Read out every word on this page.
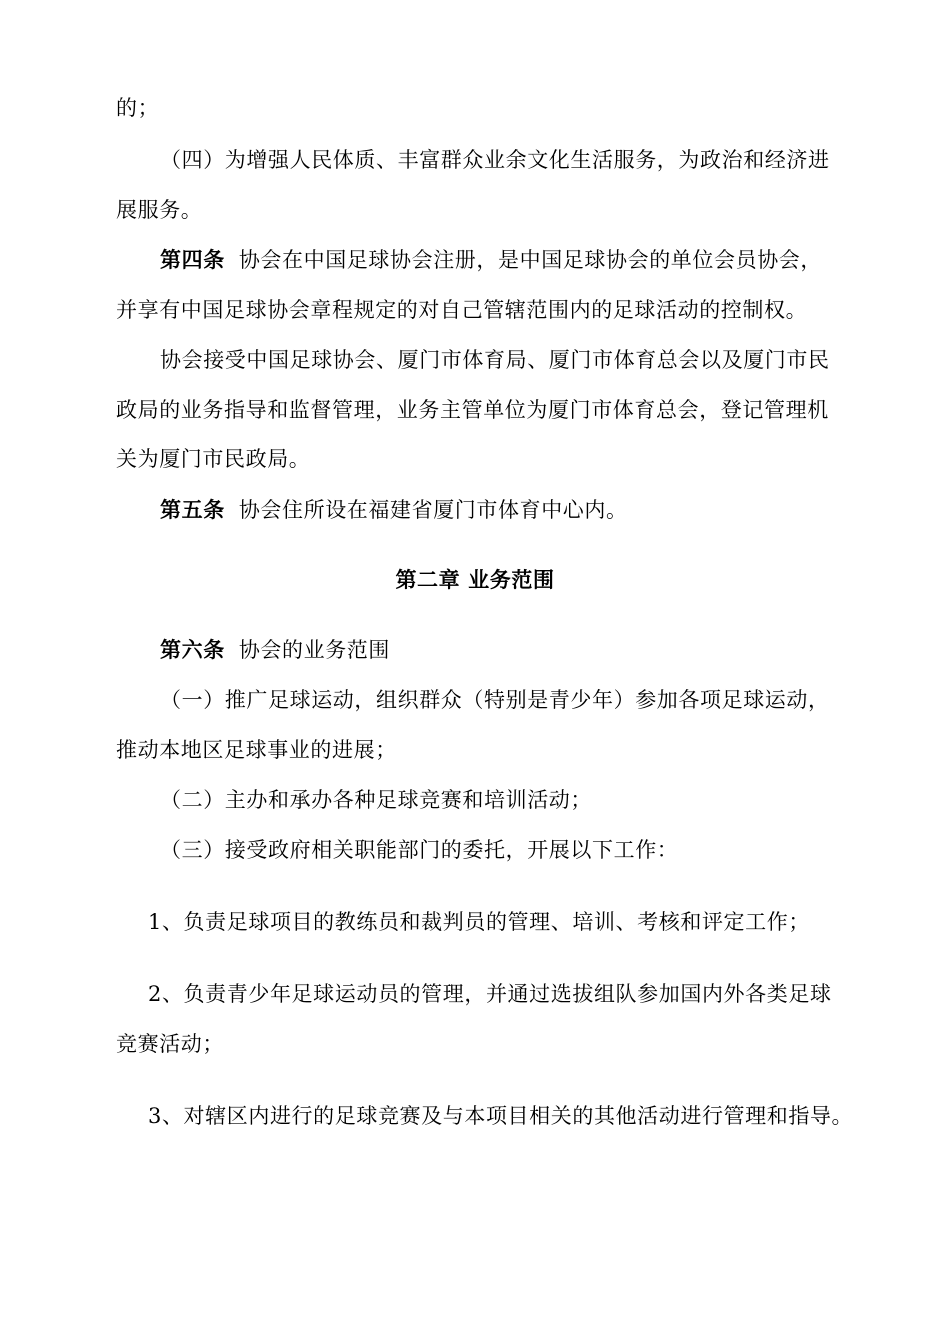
的；
（四）为增强人民体质、丰富群众业余文化生活服务，为政治和经济进
展服务。
第四条 协会在中国足球协会注册，是中国足球协会的单位会员协会，
并享有中国足球协会章程规定的对自己管辖范围内的足球活动的控制权。
协会接受中国足球协会、厦门市体育局、厦门市体育总会以及厦门市民
政局的业务指导和监督管理，业务主管单位为厦门市体育总会，登记管理机
关为厦门市民政局。
第五条 协会住所设在福建省厦门市体育中心内。
第二章 业务范围
第六条 协会的业务范围
（一）推广足球运动，组织群众（特别是青少年）参加各项足球运动，
推动本地区足球事业的进展；
（二）主办和承办各种足球竞赛和培训活动；
（三）接受政府相关职能部门的委托，开展以下工作：
1、负责足球项目的教练员和裁判员的管理、培训、考核和评定工作；
2、负责青少年足球运动员的管理，并通过选拔组队参加国内外各类足球
竞赛活动；
3、对辖区内进行的足球竞赛及与本项目相关的其他活动进行管理和指导。
